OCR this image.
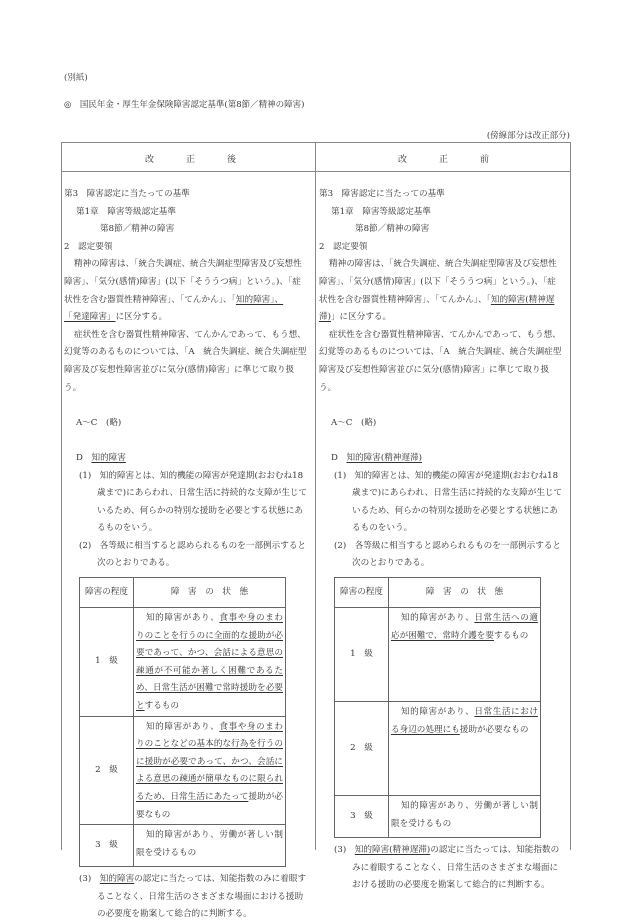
(別紙)
◎　国民年金・厚生年金保険障害認定基準(第8節／精神の障害)
(傍線部分は改正部分)
改正後	改正前

第3　障害認定に当たっての基準

第1章　障害等級認定基準

第8節／精神の障害

2　認定要領

精神の障害は、「統合失調症、統合失調症型障害及び妄想性障害」、「気分(感情)障害」(以下「そううつ病」という。)、「症状性を含む器質性精神障害」、「てんかん」、「知的障害」、
「発達障害」に区分する。

症状性を含む器質性精神障害、てんかんであって、もう想、幻覚等のあるものについては、「A　統合失調症、統合失調症型障害及び妄想性障害並びに気分(感情)障害」に準じて取り扱う。

A～C　(略)

D　知的障害

(1)　知的障害とは、知的機能の障害が発達期(おおむね18歳まで)にあらわれ、日常生活に持続的な支障が生じているため、何らかの特別な援助を必要とする状態にあるものをいう。

(2)　各等級に相当すると認められるものを一部例示すると次のとおりである。

障害の程度	障　害　の　状　態
1　級	知的障害があり、食事や身のまわりのことを行うのに全面的な援助が必要であって、かつ、会話による意思の疎通が不可能か著しく困難であるため、日常生活が困難で常時援助を必要とするもの

2　級	知的障害があり、食事や身のまわりのことなどの基本的な行為を行うのに援助が必要であって、かつ、会話による意思の疎通が簡単なものに限られるため、日常生活にあたって援助が必要なもの

3　級	知的障害があり、労働が著しい制限を受けるもの

(3)　知的障害の認定に当たっては、知能指数のみに着眼することなく、日常生活のさまざまな場面における援助の必要度を勘案して総合的に判断する。

第3　障害認定に当たっての基準

第1章　障害等級認定基準

第8節／精神の障害

2　認定要領

精神の障害は、「統合失調症、統合失調症型障害及び妄想性障害」、「気分(感情)障害」(以下「そううつ病」という。)、「症状性を含む器質性精神障害」、「てんかん」、「知的障害(精神遅滞)」に区分する。

症状性を含む器質性精神障害、てんかんであって、もう想、幻覚等のあるものについては、「A　統合失調症、統合失調症型障害及び妄想性障害並びに気分(感情)障害」に準じて取り扱う。

A～C　(略)

D　知的障害(精神遅滞)

(1)　知的障害とは、知的機能の障害が発達期(おおむね18歳まで)にあらわれ、日常生活に持続的な支障が生じているため、何らかの特別な援助を必要とする状態にあるものをいう。

(2)　各等級に相当すると認められるものを一部例示すると次のとおりである。

障害の程度	障　害　の　状　態
1　級	知的障害があり、日常生活への適応が困難で、常時介護を要するもの

2　級	知的障害があり、日常生活における身辺の処理にも援助が必要なもの

3　級	知的障害があり、労働が著しい制限を受けるもの

(3)　知的障害(精神遅滞)の認定に当たっては、知能指数のみに着眼することなく、日常生活のさまざまな場面における援助の必要度を勘案して総合的に判断する。
